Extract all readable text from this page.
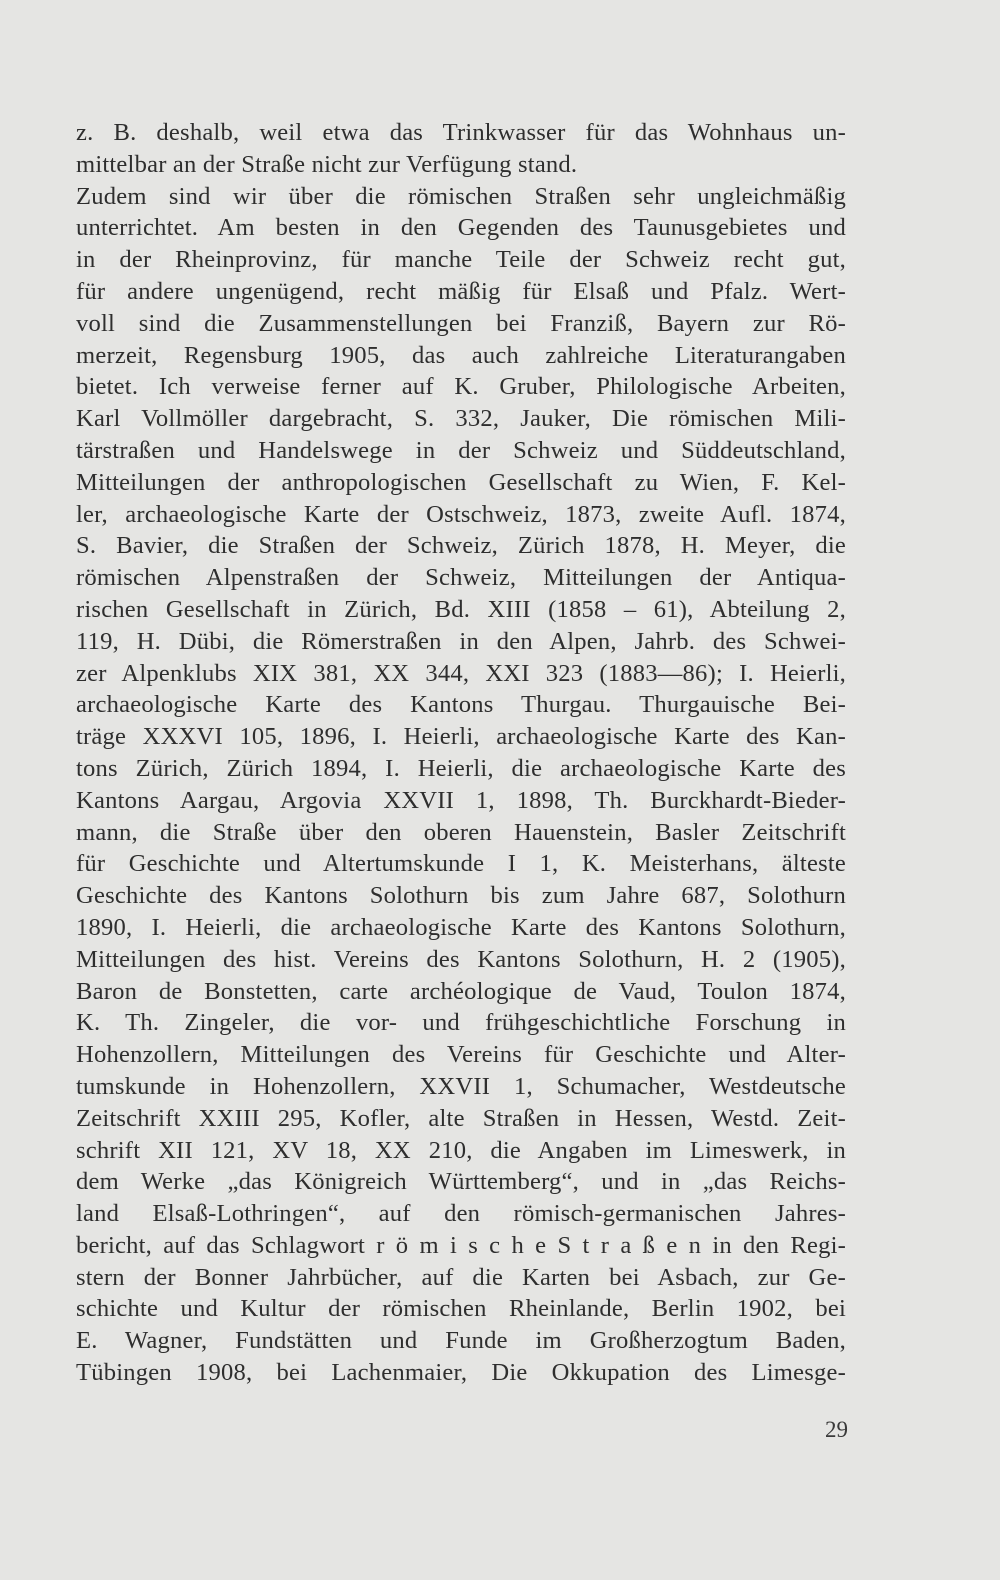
z. B. deshalb, weil etwa das Trinkwasser für das Wohnhaus un-
mittelbar an der Straße nicht zur Verfügung stand.
Zudem sind wir über die römischen Straßen sehr ungleichmäßig
unterrichtet. Am besten in den Gegenden des Taunusgebietes und
in der Rheinprovinz, für manche Teile der Schweiz recht gut,
für andere ungenügend, recht mäßig für Elsaß und Pfalz. Wert-
voll sind die Zusammenstellungen bei Franziß, Bayern zur Rö-
merzeit, Regensburg 1905, das auch zahlreiche Literaturangaben
bietet. Ich verweise ferner auf K. Gruber, Philologische Arbeiten,
Karl Vollmöller dargebracht, S. 332, Jauker, Die römischen Mili-
tärstraßen und Handelswege in der Schweiz und Süddeutschland,
Mitteilungen der anthropologischen Gesellschaft zu Wien, F. Kel-
ler, archaeologische Karte der Ostschweiz, 1873, zweite Aufl. 1874,
S. Bavier, die Straßen der Schweiz, Zürich 1878, H. Meyer, die
römischen Alpenstraßen der Schweiz, Mitteilungen der Antiqua-
rischen Gesellschaft in Zürich, Bd. XIII (1858 – 61), Abteilung 2,
119, H. Dübi, die Römerstraßen in den Alpen, Jahrb. des Schwei-
zer Alpenklubs XIX 381, XX 344, XXI 323 (1883—86); I. Heierli,
archaeologische Karte des Kantons Thurgau. Thurgauische Bei-
träge XXXVI 105, 1896, I. Heierli, archaeologische Karte des Kan-
tons Zürich, Zürich 1894, I. Heierli, die archaeologische Karte des
Kantons Aargau, Argovia XXVII 1, 1898, Th. Burckhardt-Bieder-
mann, die Straße über den oberen Hauenstein, Basler Zeitschrift
für Geschichte und Altertumskunde I 1, K. Meisterhans, älteste
Geschichte des Kantons Solothurn bis zum Jahre 687, Solothurn
1890, I. Heierli, die archaeologische Karte des Kantons Solothurn,
Mitteilungen des hist. Vereins des Kantons Solothurn, H. 2 (1905),
Baron de Bonstetten, carte archéologique de Vaud, Toulon 1874,
K. Th. Zingeler, die vor- und frühgeschichtliche Forschung in
Hohenzollern, Mitteilungen des Vereins für Geschichte und Alter-
tumskunde in Hohenzollern, XXVII 1, Schumacher, Westdeutsche
Zeitschrift XXIII 295, Kofler, alte Straßen in Hessen, Westd. Zeit-
schrift XII 121, XV 18, XX 210, die Angaben im Limeswerk, in
dem Werke „das Königreich Württemberg“, und in „das Reichs-
land Elsaß-Lothringen“, auf den römisch-germanischen Jahres-
bericht, auf das Schlagwort r ö m i s c h e S t r a ß e n in den Regi-
stern der Bonner Jahrbücher, auf die Karten bei Asbach, zur Ge-
schichte und Kultur der römischen Rheinlande, Berlin 1902, bei
E. Wagner, Fundstätten und Funde im Großherzogtum Baden,
Tübingen 1908, bei Lachenmaier, Die Okkupation des Limesge-
29
